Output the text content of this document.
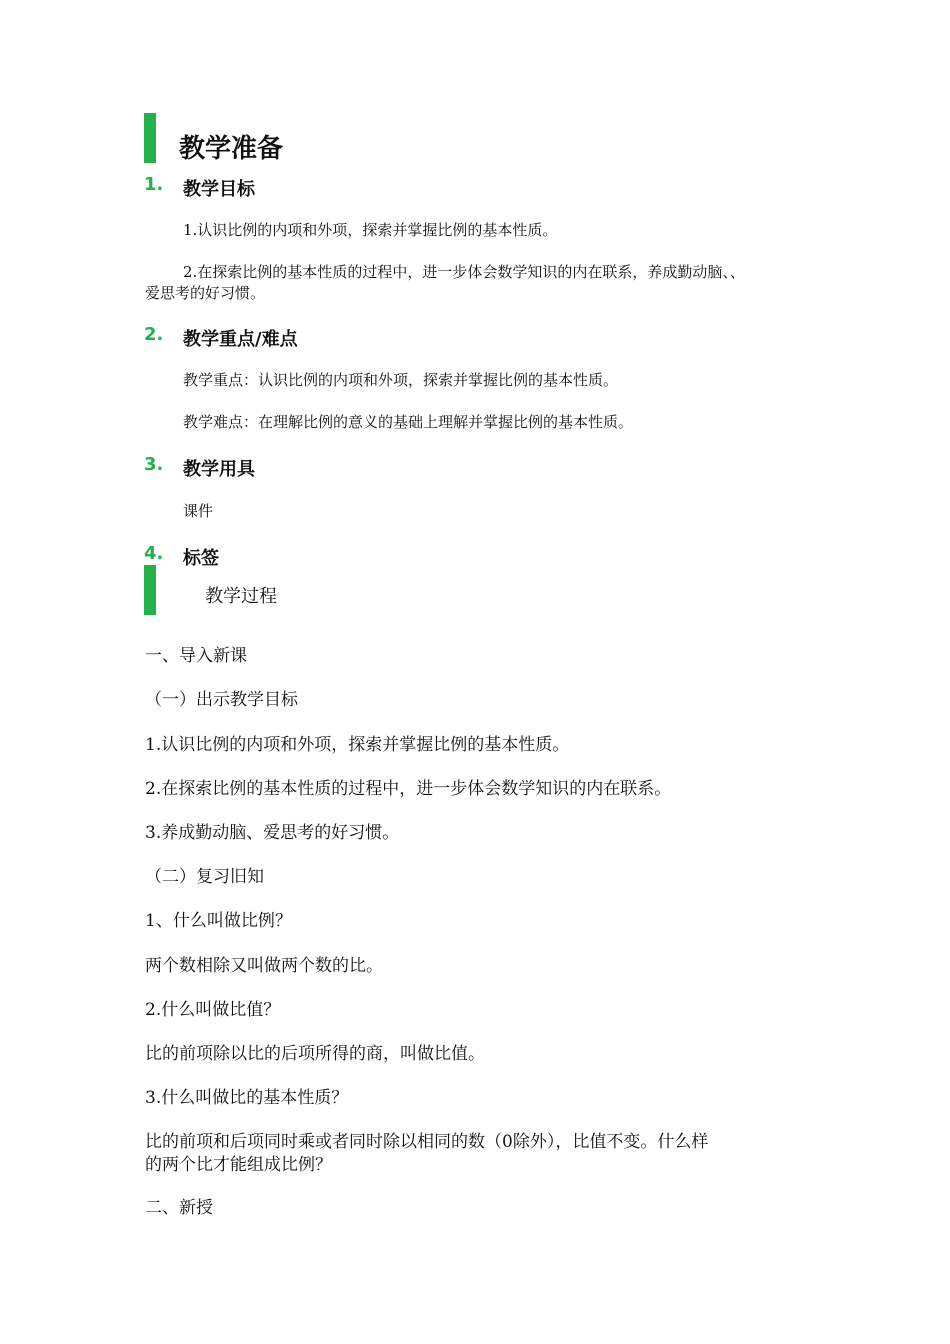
教学准备
1. 教学目标
1.认识比例的内项和外项，探索并掌握比例的基本性质。
2.在探索比例的基本性质的过程中，进一步体会数学知识的内在联系，养成勤动脑、、
爱思考的好习惯。
2. 教学重点/难点
教学重点：认识比例的内项和外项，探索并掌握比例的基本性质。
教学难点：在理解比例的意义的基础上理解并掌握比例的基本性质。
3. 教学用具
课件
4. 标签
教学过程
一、导入新课
（一）出示教学目标
1.认识比例的内项和外项，探索并掌握比例的基本性质。
2.在探索比例的基本性质的过程中，进一步体会数学知识的内在联系。
3.养成勤动脑、爱思考的好习惯。
（二）复习旧知
1、什么叫做比例？
两个数相除又叫做两个数的比。
2.什么叫做比值？
比的前项除以比的后项所得的商，叫做比值。
3.什么叫做比的基本性质？
比的前项和后项同时乘或者同时除以相同的数（0除外），比值不变。什么样
的两个比才能组成比例？
二、新授
